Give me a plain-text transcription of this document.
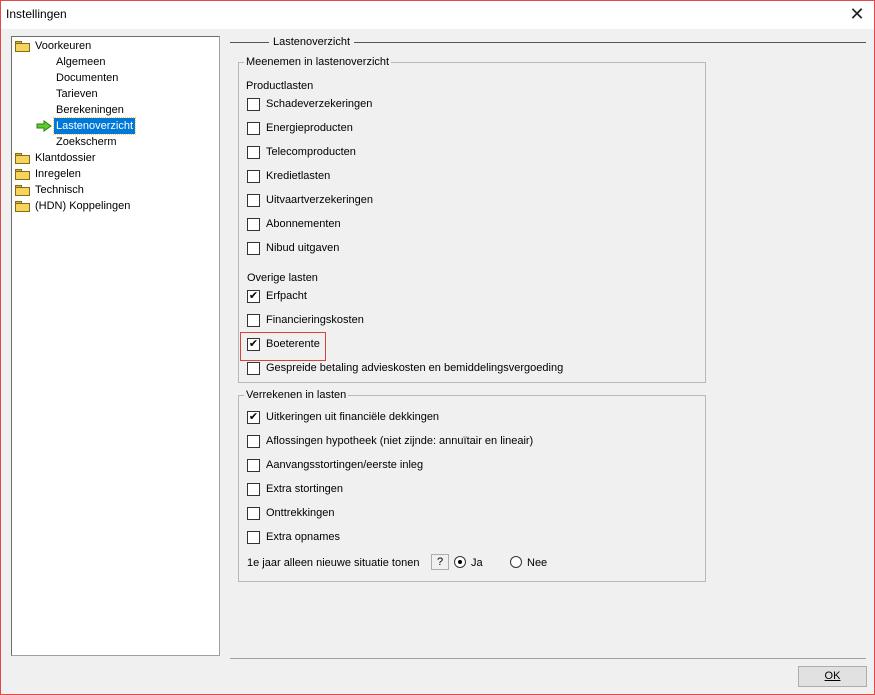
Instellingen	✕
Voorkeuren
Algemeen
Documenten
Tarieven
Berekeningen
Lastenoverzicht
Zoekscherm
Klantdossier
Inregelen
Technisch
(HDN) Koppelingen
Lastenoverzicht
Meenemen in lastenoverzicht
Productlasten
Schadeverzekeringen
Energieproducten
Telecomproducten
Kredietlasten
Uitvaartverzekeringen
Abonnementen
Nibud uitgaven
Overige lasten
✔ Erfpacht
Financieringskosten
✔ Boeterente
Gespreide betaling advieskosten en bemiddelingsvergoeding
Verrekenen in lasten
✔ Uitkeringen uit financiële dekkingen
Aflossingen hypotheek (niet zijnde: annuïtair en lineair)
Aanvangsstortingen/eerste inleg
Extra stortingen
Onttrekkingen
Extra opnames
1e jaar alleen nieuwe situatie tonen	?	Ja	Nee
OK
